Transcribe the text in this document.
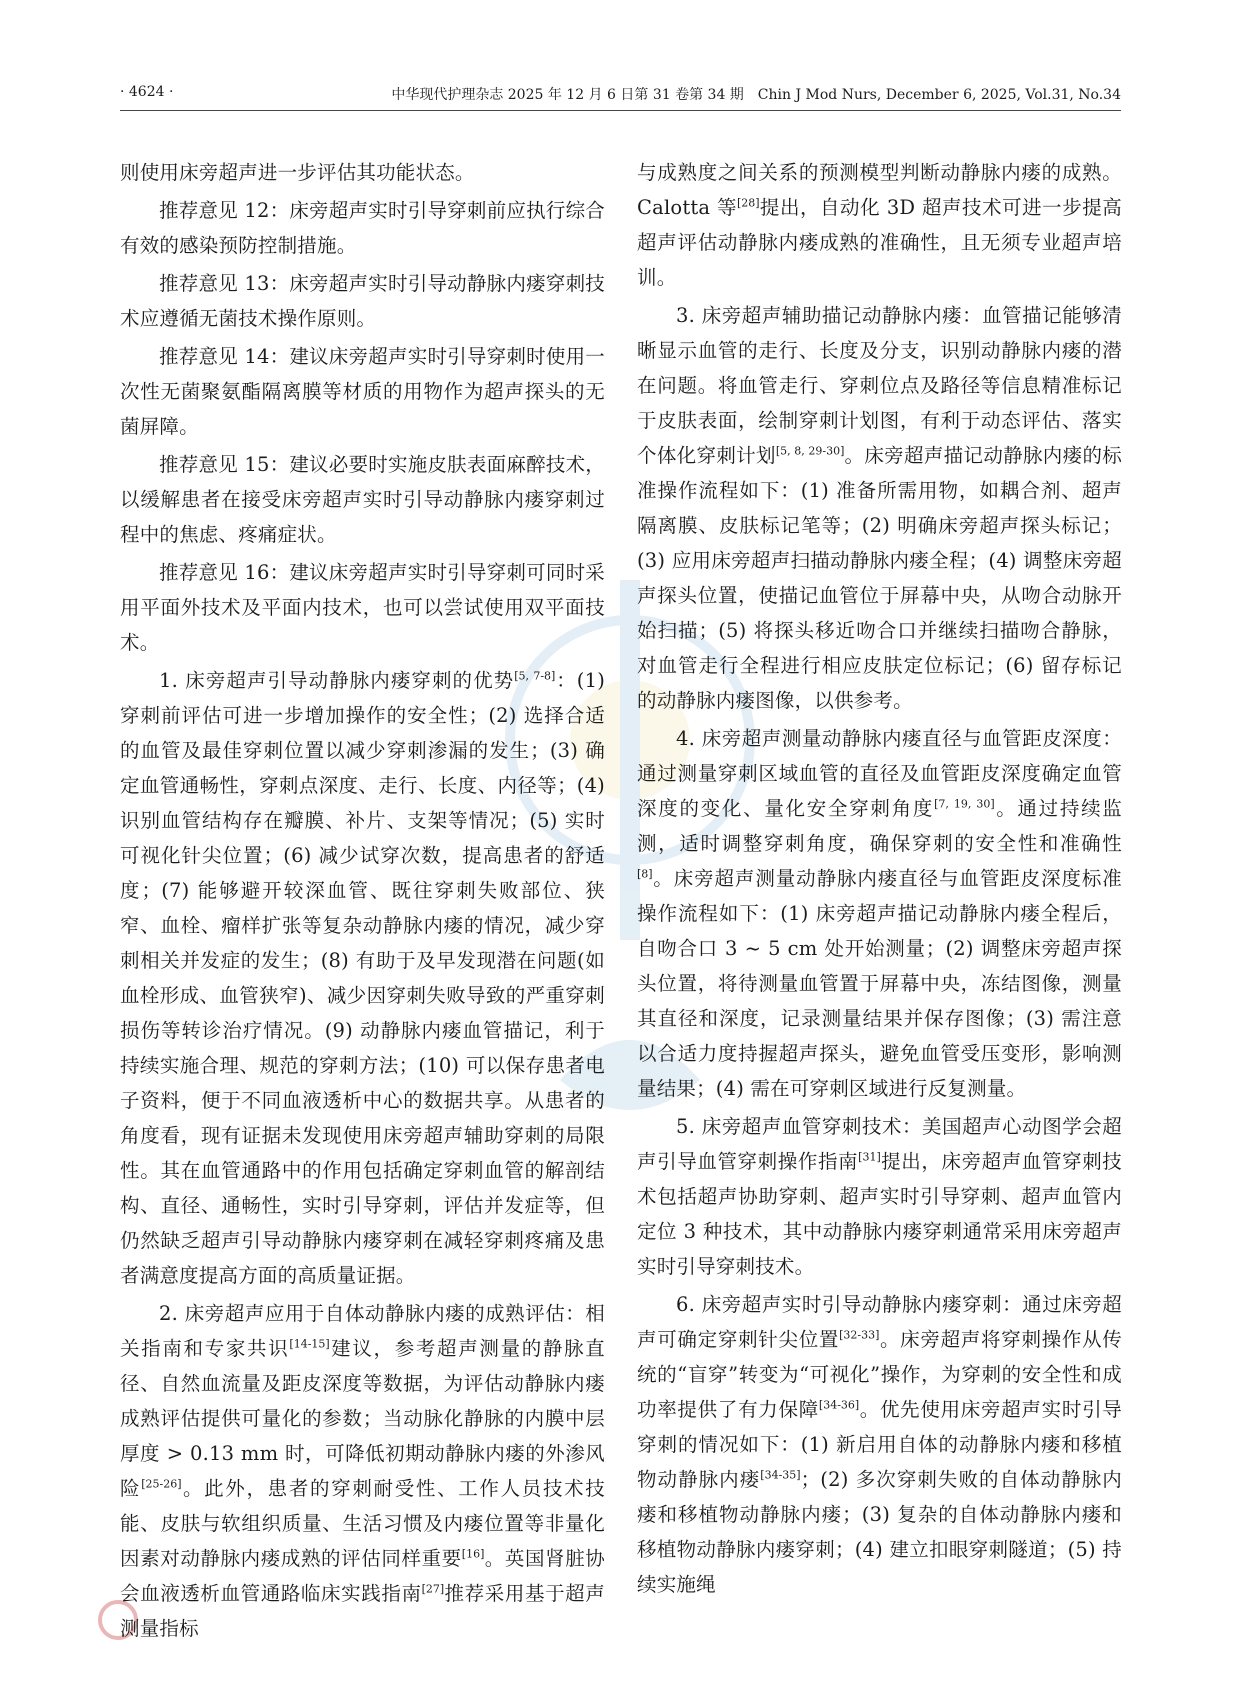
· 4624 ·	中华现代护理杂志 2025 年 12 月 6 日第 31 卷第 34 期　Chin J Mod Nurs, December 6, 2025, Vol.31, No.34

则使用床旁超声进一步评估其功能状态。

推荐意见 12：床旁超声实时引导穿刺前应执行综合有效的感染预防控制措施。

推荐意见 13：床旁超声实时引导动静脉内瘘穿刺技术应遵循无菌技术操作原则。

推荐意见 14：建议床旁超声实时引导穿刺时使用一次性无菌聚氨酯隔离膜等材质的用物作为超声探头的无菌屏障。

推荐意见 15：建议必要时实施皮肤表面麻醉技术，以缓解患者在接受床旁超声实时引导动静脉内瘘穿刺过程中的焦虑、疼痛症状。

推荐意见 16：建议床旁超声实时引导穿刺可同时采用平面外技术及平面内技术，也可以尝试使用双平面技术。

1. 床旁超声引导动静脉内瘘穿刺的优势[5, 7-8]：(1) 穿刺前评估可进一步增加操作的安全性；(2) 选择合适的血管及最佳穿刺位置以减少穿刺渗漏的发生；(3) 确定血管通畅性，穿刺点深度、走行、长度、内径等；(4) 识别血管结构存在瓣膜、补片、支架等情况；(5) 实时可视化针尖位置；(6) 减少试穿次数，提高患者的舒适度；(7) 能够避开较深血管、既往穿刺失败部位、狭窄、血栓、瘤样扩张等复杂动静脉内瘘的情况，减少穿刺相关并发症的发生；(8) 有助于及早发现潜在问题(如血栓形成、血管狭窄)、减少因穿刺失败导致的严重穿刺损伤等转诊治疗情况。(9) 动静脉内瘘血管描记，利于持续实施合理、规范的穿刺方法；(10) 可以保存患者电子资料，便于不同血液透析中心的数据共享。从患者的角度看，现有证据未发现使用床旁超声辅助穿刺的局限性。其在血管通路中的作用包括确定穿刺血管的解剖结构、直径、通畅性，实时引导穿刺，评估并发症等，但仍然缺乏超声引导动静脉内瘘穿刺在减轻穿刺疼痛及患者满意度提高方面的高质量证据。

2. 床旁超声应用于自体动静脉内瘘的成熟评估：相关指南和专家共识[14-15]建议，参考超声测量的静脉直径、自然血流量及距皮深度等数据，为评估动静脉内瘘成熟评估提供可量化的参数；当动脉化静脉的内膜中层厚度 > 0.13 mm 时，可降低初期动静脉内瘘的外渗风险[25-26]。此外，患者的穿刺耐受性、工作人员技术技能、皮肤与软组织质量、生活习惯及内瘘位置等非量化因素对动静脉内瘘成熟的评估同样重要[16]。英国肾脏协会血液透析血管通路临床实践指南[27]推荐采用基于超声测量指标

与成熟度之间关系的预测模型判断动静脉内瘘的成熟。Calotta 等[28]提出，自动化 3D 超声技术可进一步提高超声评估动静脉内瘘成熟的准确性，且无须专业超声培训。

3. 床旁超声辅助描记动静脉内瘘：血管描记能够清晰显示血管的走行、长度及分支，识别动静脉内瘘的潜在问题。将血管走行、穿刺位点及路径等信息精准标记于皮肤表面，绘制穿刺计划图，有利于动态评估、落实个体化穿刺计划[5, 8, 29-30]。床旁超声描记动静脉内瘘的标准操作流程如下：(1) 准备所需用物，如耦合剂、超声隔离膜、皮肤标记笔等；(2) 明确床旁超声探头标记；(3) 应用床旁超声扫描动静脉内瘘全程；(4) 调整床旁超声探头位置，使描记血管位于屏幕中央，从吻合动脉开始扫描；(5) 将探头移近吻合口并继续扫描吻合静脉，对血管走行全程进行相应皮肤定位标记；(6) 留存标记的动静脉内瘘图像，以供参考。

4. 床旁超声测量动静脉内瘘直径与血管距皮深度：通过测量穿刺区域血管的直径及血管距皮深度确定血管深度的变化、量化安全穿刺角度[7, 19, 30]。通过持续监测，适时调整穿刺角度，确保穿刺的安全性和准确性[8]。床旁超声测量动静脉内瘘直径与血管距皮深度标准操作流程如下：(1) 床旁超声描记动静脉内瘘全程后，自吻合口 3 ~ 5 cm 处开始测量；(2) 调整床旁超声探头位置，将待测量血管置于屏幕中央，冻结图像，测量其直径和深度，记录测量结果并保存图像；(3) 需注意以合适力度持握超声探头，避免血管受压变形，影响测量结果；(4) 需在可穿刺区域进行反复测量。

5. 床旁超声血管穿刺技术：美国超声心动图学会超声引导血管穿刺操作指南[31]提出，床旁超声血管穿刺技术包括超声协助穿刺、超声实时引导穿刺、超声血管内定位 3 种技术，其中动静脉内瘘穿刺通常采用床旁超声实时引导穿刺技术。

6. 床旁超声实时引导动静脉内瘘穿刺：通过床旁超声可确定穿刺针尖位置[32-33]。床旁超声将穿刺操作从传统的“盲穿”转变为“可视化”操作，为穿刺的安全性和成功率提供了有力保障[34-36]。优先使用床旁超声实时引导穿刺的情况如下：(1) 新启用自体的动静脉内瘘和移植物动静脉内瘘[34-35]；(2) 多次穿刺失败的自体动静脉内瘘和移植物动静脉内瘘；(3) 复杂的自体动静脉内瘘和移植物动静脉内瘘穿刺；(4) 建立扣眼穿刺隧道；(5) 持续实施绳
